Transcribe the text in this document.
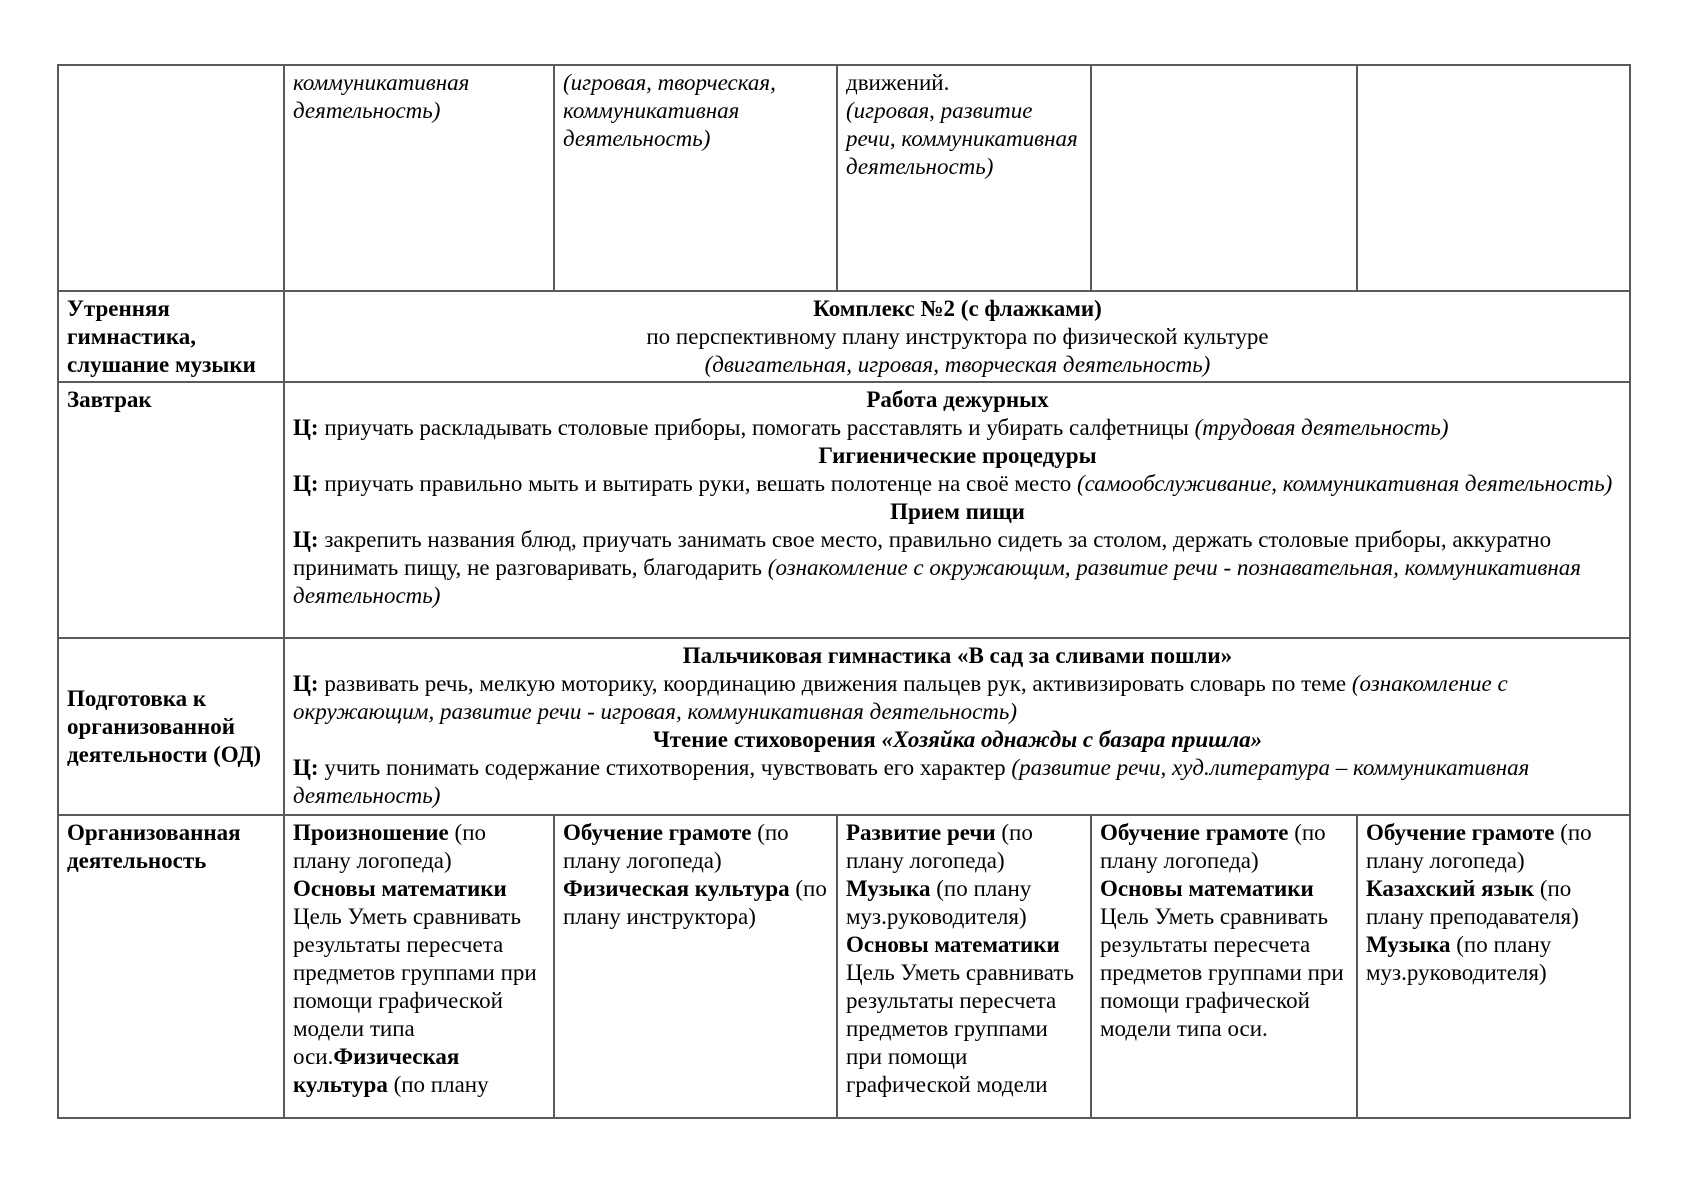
	коммуникативная деятельность)	(игровая, творческая, коммуникативная деятельность)	движений.
(игровая, развитие речи, коммуникативная деятельность)		
Утренняя гимнастика, слушание музыки	Комплекс №2 (с флажками)
по перспективному плану инструктора по физической культуре
(двигательная, игровая, творческая деятельность)				

Завтрак	Работа дежурных
Ц: приучать раскладывать столовые приборы, помогать расставлять и убирать салфетницы (трудовая деятельность)
Гигиенические процедуры
Ц: приучать правильно мыть и вытирать руки, вешать полотенце на своё место (самообслуживание, коммуникативная деятельность)
Прием пищи
Ц: закрепить названия блюд, приучать занимать свое место, правильно сидеть за столом, держать столовые приборы, аккуратно принимать пищу, не разговаривать, благодарить (ознакомление с окружающим, развитие речи - познавательная, коммуникативная деятельность)

Подготовка к организованной деятельности (ОД)	Пальчиковая гимнастика «В сад за сливами пошли»
Ц: развивать речь, мелкую моторику, координацию движения пальцев рук, активизировать словарь по теме (ознакомление с окружающим, развитие речи - игровая, коммуникативная деятельность)
Чтение стиховорения «Хозяйка однажды с базара пришла»
Ц: учить понимать содержание стихотворения, чувствовать его характер (развитие речи, худ.литература – коммуникативная деятельность)				

Организованная деятельность	Произношение (по плану логопеда)
Основы математики
Цель Уметь сравнивать результаты пересчета предметов группами при помощи графической модели типа оси.Физическая культура (по плану	Обучение грамоте (по плану логопеда)
Физическая культура (по плану инструктора)	Развитие речи (по плану логопеда)
Музыка (по плану муз.руководителя)
Основы математики
Цель Уметь сравнивать результаты пересчета предметов группами при помощи графической модели	Обучение грамоте (по плану логопеда)
Основы математики
Цель Уметь сравнивать результаты пересчета предметов группами при помощи графической модели типа оси.	Обучение грамоте (по плану логопеда)
Казахский язык (по плану преподавателя)
Музыка (по плану муз.руководителя)
